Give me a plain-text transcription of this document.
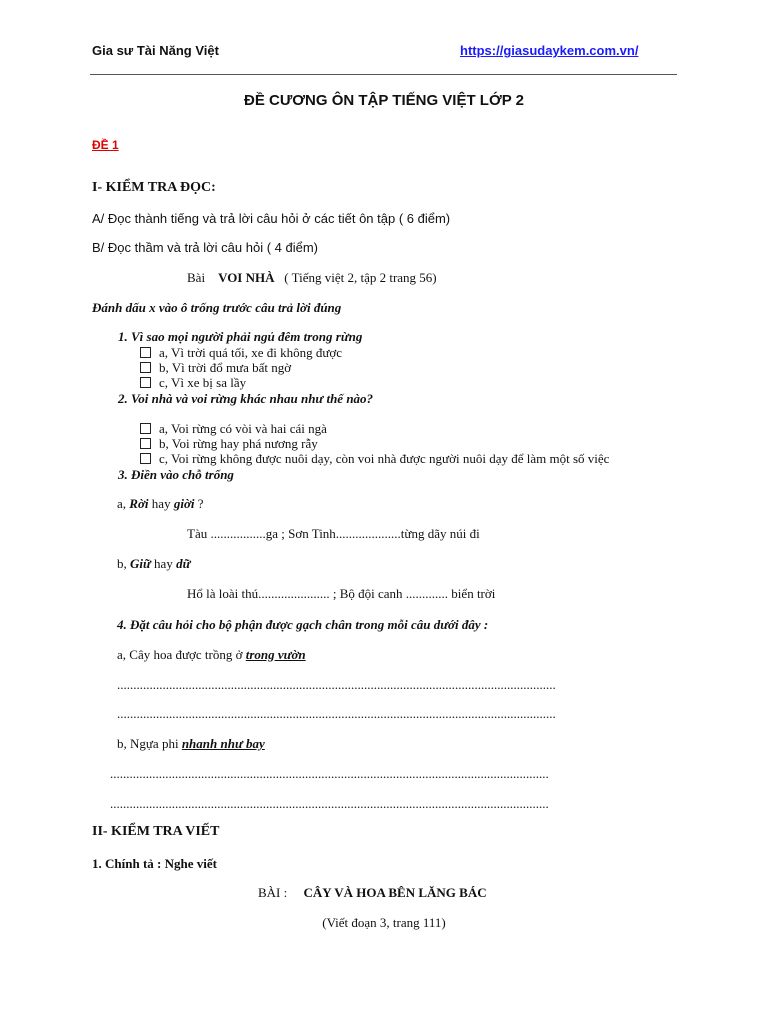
Gia sư Tài Năng Việt	https://giasudaykem.com.vn/
ĐỀ CƯƠNG ÔN TẬP TIẾNG VIỆT LỚP 2
ĐỀ 1
I- KIỂM TRA ĐỌC:
A/ Đọc thành tiếng và trả lời câu hỏi ở các tiết ôn tập ( 6 điểm)
B/ Đọc thầm và trả lời câu hỏi ( 4 điểm)
Bài VOI NHÀ ( Tiếng việt 2, tập 2 trang 56)
Đánh dấu x vào ô trống trước câu trả lời đúng
1. Vì sao mọi người phải ngủ đêm trong rừng
a, Vì trời quá tối, xe đi không được
b, Vì trời đổ mưa bất ngờ
c, Vì xe bị sa lầy
2. Voi nhà và voi rừng khác nhau như thế nào?
a, Voi rừng có vòi và hai cái ngà
b, Voi rừng hay phá nương rẫy
c, Voi rừng không được nuôi dạy, còn voi nhà được người nuôi dạy để làm một số việc
3. Điền vào chỗ trống
a, Rời hay giời ?
Tàu .................ga ; Sơn Tinh....................từng dãy núi đi
b, Giữ hay dữ
Hổ là loài thú...................... ; Bộ đội canh ............. biển trời
4. Đặt câu hỏi cho bộ phận được gạch chân trong mỗi câu dưới đây :
a, Cây hoa được trồng ở trong vườn
.......................................................................................................................................
.......................................................................................................................................
b, Ngựa phi nhanh như bay
.......................................................................................................................................
.......................................................................................................................................
II- KIỂM TRA VIẾT
1. Chính tả : Nghe viết
BÀI : CÂY VÀ HOA BÊN LĂNG BÁC
(Viết đoạn 3, trang 111)
